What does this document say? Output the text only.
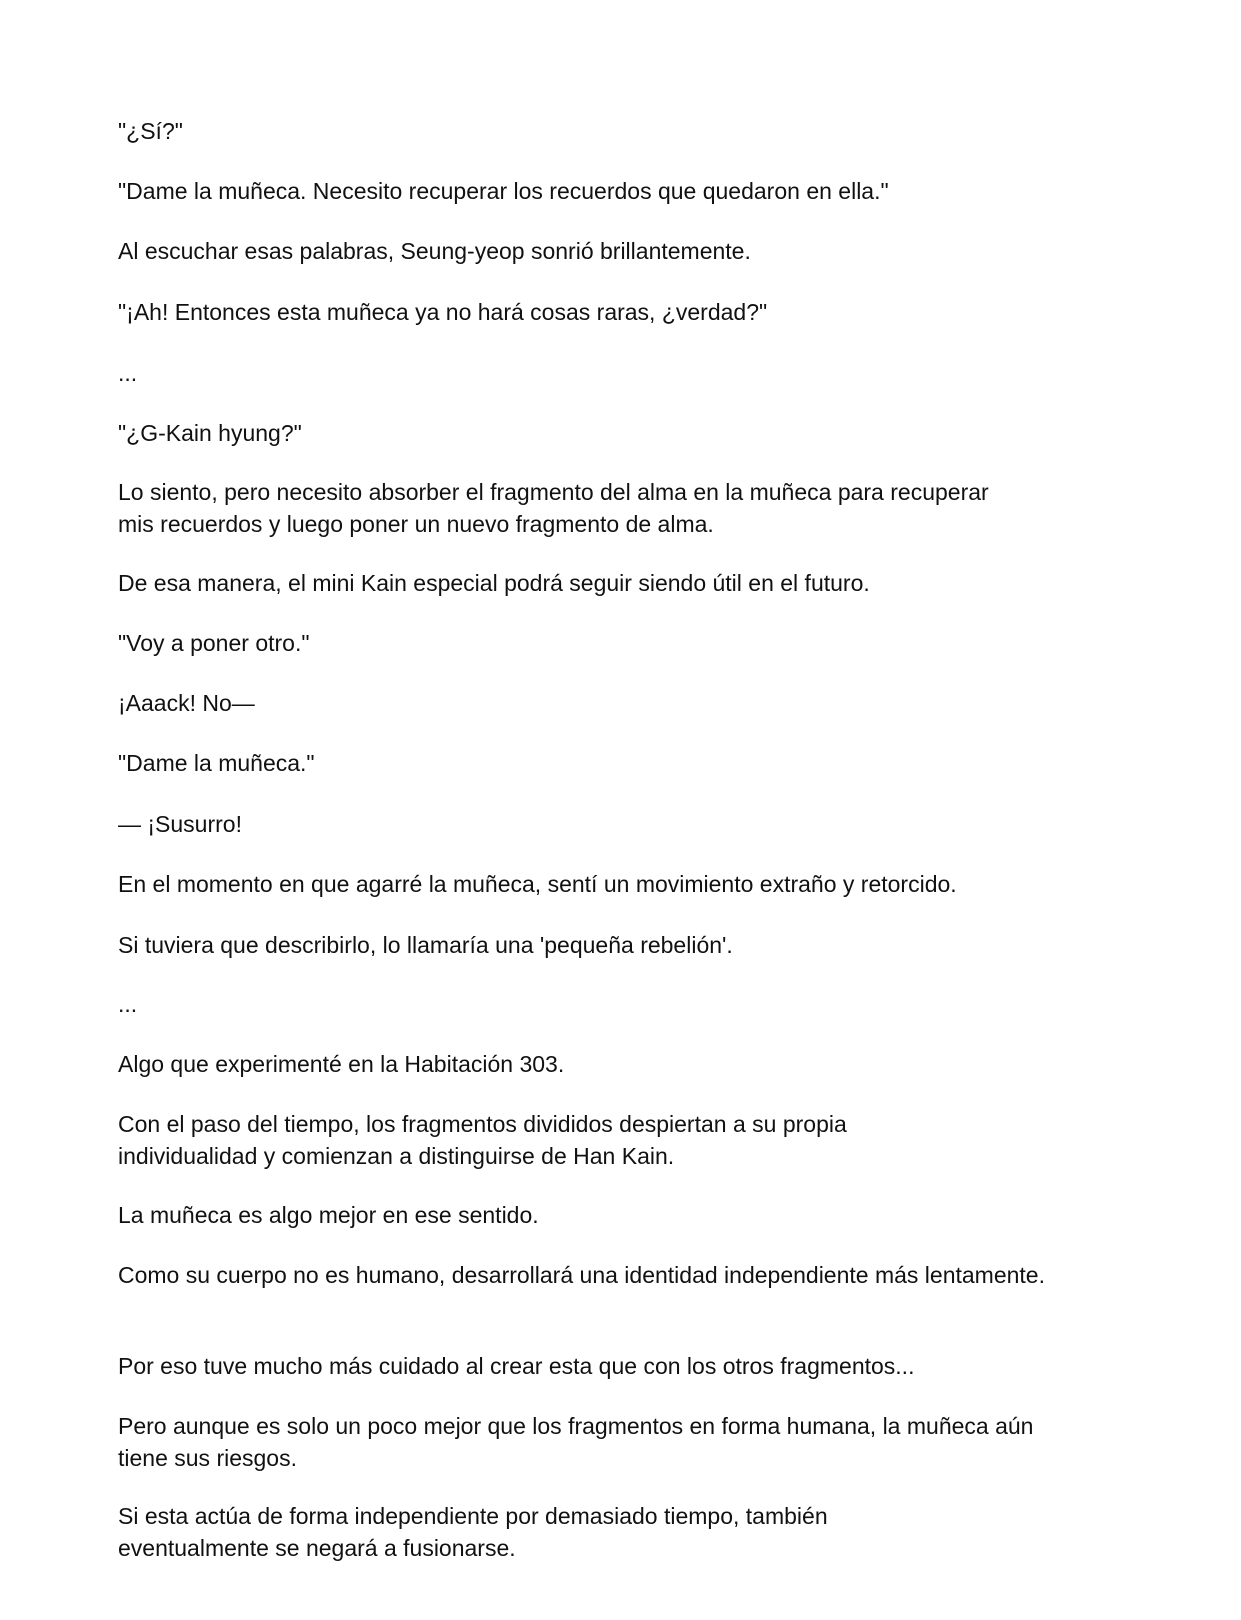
"¿Sí?"

"Dame la muñeca. Necesito recuperar los recuerdos que quedaron en ella."

Al escuchar esas palabras, Seung-yeop sonrió brillantemente.

"¡Ah! Entonces esta muñeca ya no hará cosas raras, ¿verdad?"

...

"¿G-Kain hyung?"

Lo siento, pero necesito absorber el fragmento del alma en la muñeca para recuperar mis recuerdos y luego poner un nuevo fragmento de alma.

De esa manera, el mini Kain especial podrá seguir siendo útil en el futuro.

"Voy a poner otro."

¡Aaack! No—

"Dame la muñeca."

— ¡Susurro!

En el momento en que agarré la muñeca, sentí un movimiento extraño y retorcido.

Si tuviera que describirlo, lo llamaría una 'pequeña rebelión'.

...

Algo que experimenté en la Habitación 303.

Con el paso del tiempo, los fragmentos divididos despiertan a su propia individualidad y comienzan a distinguirse de Han Kain.

La muñeca es algo mejor en ese sentido.

Como su cuerpo no es humano, desarrollará una identidad independiente más lentamente.

Por eso tuve mucho más cuidado al crear esta que con los otros fragmentos...

Pero aunque es solo un poco mejor que los fragmentos en forma humana, la muñeca aún tiene sus riesgos.

Si esta actúa de forma independiente por demasiado tiempo, también eventualmente se negará a fusionarse.
